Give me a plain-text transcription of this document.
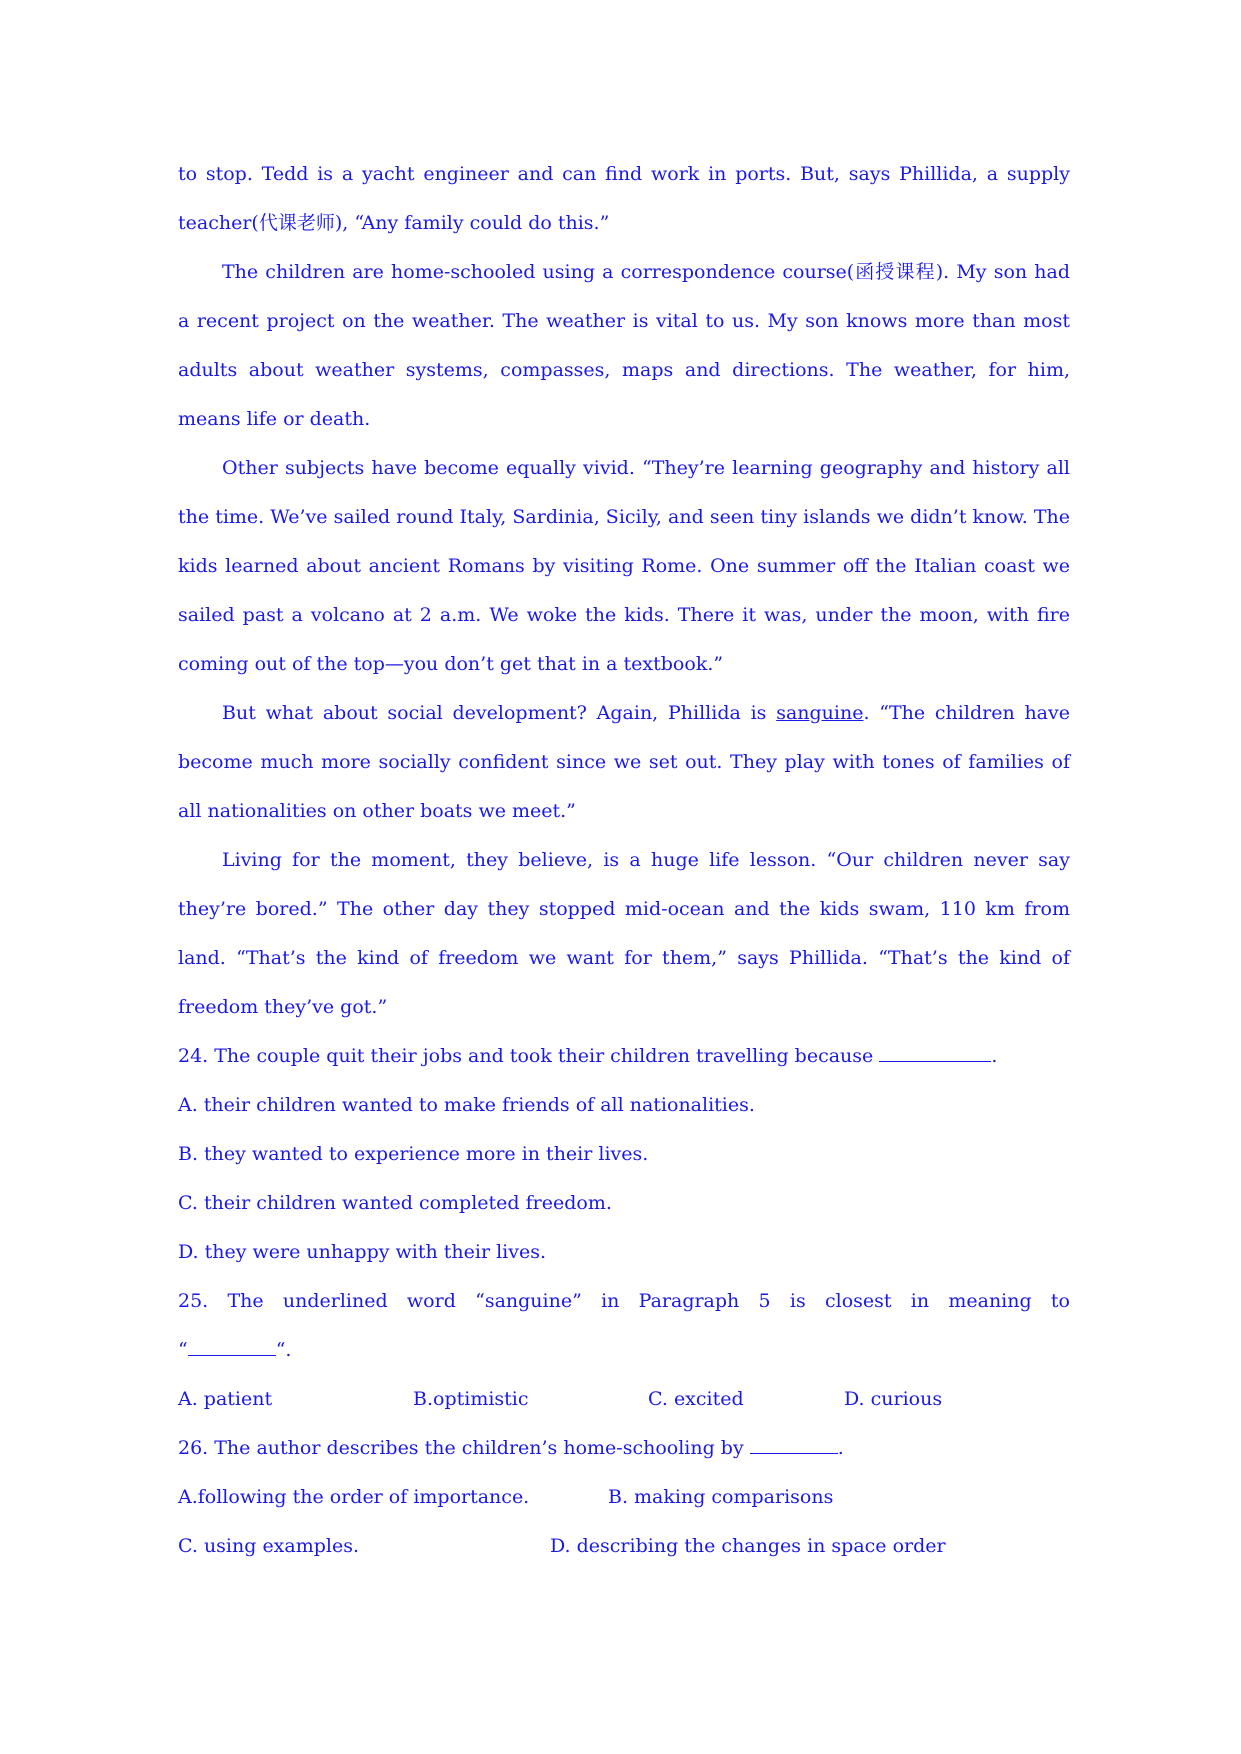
to stop. Tedd is a yacht engineer and can find work in ports. But, says Phillida, a supply teacher(代课老师), “Any family could do this.”

The children are home-schooled using a correspondence course(函授课程). My son had a recent project on the weather. The weather is vital to us. My son knows more than most adults about weather systems, compasses, maps and directions. The weather, for him, means life or death.

Other subjects have become equally vivid. “They’re learning geography and history all the time. We’ve sailed round Italy, Sardinia, Sicily, and seen tiny islands we didn’t know. The kids learned about ancient Romans by visiting Rome. One summer off the Italian coast we sailed past a volcano at 2 a.m. We woke the kids. There it was, under the moon, with fire coming out of the top—you don’t get that in a textbook.”

But what about social development? Again, Phillida is sanguine. “The children have become much more socially confident since we set out. They play with tones of families of all nationalities on other boats we meet.”

Living for the moment, they believe, is a huge life lesson. “Our children never say they’re bored.” The other day they stopped mid-ocean and the kids swam, 110 km from land. “That’s the kind of freedom we want for them,” says Phillida. “That’s the kind of freedom they’ve got.”

24. The couple quit their jobs and took their children travelling because	.

A. their children wanted to make friends of all nationalities.

B. they wanted to experience more in their lives.

C. their children wanted completed freedom.

D. they were unhappy with their lives.

25. The underlined word “sanguine” in Paragraph 5 is closest in meaning to

“	“.

A. patient	B.optimistic	C. excited	D. curious

26. The author describes the children’s home-schooling by	.

A.following the order of importance.	B. making comparisons
C. using examples.	D. describing the changes in space order
